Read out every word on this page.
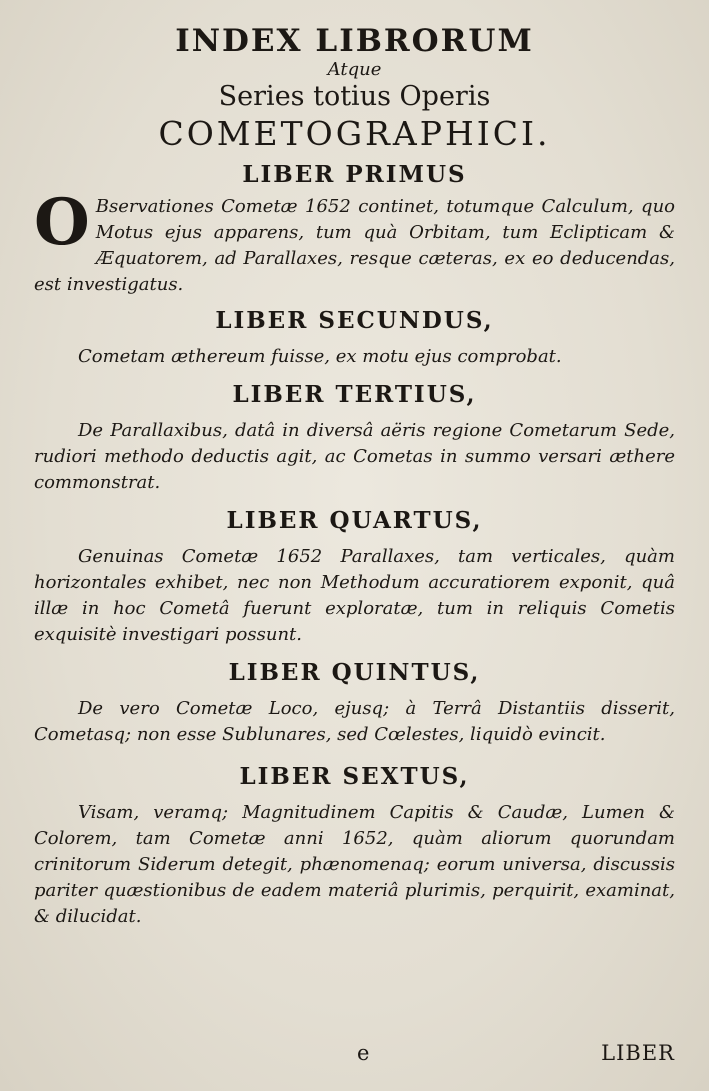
INDEX LIBRORUM

Atque

Series totius Operis

COMETOGRAPHICI.

LIBER PRIMUS

O Bservationes Cometæ 1652 continet, totumque Calculum, quo Motus ejus apparens, tum quà Orbitam, tum Eclipticam & Æquatorem, ad Parallaxes, resque cæteras, ex eo deducendas, est investigatus.

LIBER SECUNDUS,

Cometam æthereum fuisse, ex motu ejus comprobat.

LIBER TERTIUS,

De Parallaxibus, datâ in diversâ aëris regione Cometarum Sede, rudiori methodo deductis agit, ac Cometas in summo versari æthere commonstrat.

LIBER QUARTUS,

Genuinas Cometæ 1652 Parallaxes, tam verticales, quàm horizontales exhibet, nec non Methodum accuratiorem exponit, quâ illæ in hoc Cometâ fuerunt exploratæ, tum in reliquis Cometis exquisitè investigari possunt.

LIBER QUINTUS,

De vero Cometæ Loco, ejusq; à Terrâ Distantiis disserit, Cometasq; non esse Sublunares, sed Cœlestes, liquidò evincit.

LIBER SEXTUS,

Visam, veramq; Magnitudinem Capitis & Caudæ, Lumen & Colorem, tam Cometæ anni 1652, quàm aliorum quorundam crinitorum Siderum detegit, phænomenaq; eorum universa, discussis pariter quæstionibus de eadem materiâ plurimis, perquirit, examinat, & dilucidat.

e	LIBER
